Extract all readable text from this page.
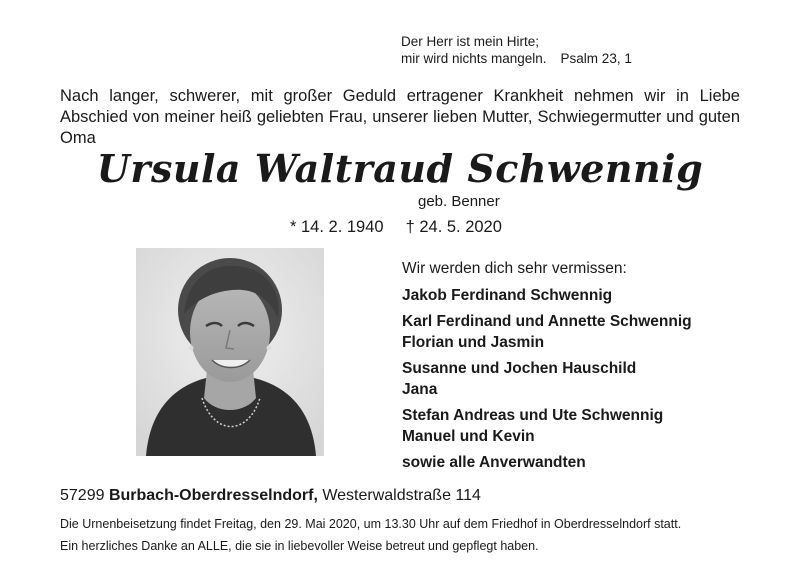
Der Herr ist mein Hirte;
mir wird nichts mangeln. Psalm 23, 1
Nach langer, schwerer, mit großer Geduld ertragener Krankheit nehmen wir in Liebe Abschied von meiner heiß geliebten Frau, unserer lieben Mutter, Schwiegermutter und guten Oma
Ursula Waltraud Schwennig
geb. Benner
* 14. 2. 1940 † 24. 5. 2020
Wir werden dich sehr vermissen:
Jakob Ferdinand Schwennig
Karl Ferdinand und Annette Schwennig
Florian und Jasmin
Susanne und Jochen Hauschild
Jana
Stefan Andreas und Ute Schwennig
Manuel und Kevin
sowie alle Anverwandten
57299 Burbach-Oberdresselndorf, Westerwaldstraße 114
Die Urnenbeisetzung findet Freitag, den 29. Mai 2020, um 13.30 Uhr auf dem Friedhof in Oberdresselndorf statt.
Ein herzliches Danke an ALLE, die sie in liebevoller Weise betreut und gepflegt haben.
